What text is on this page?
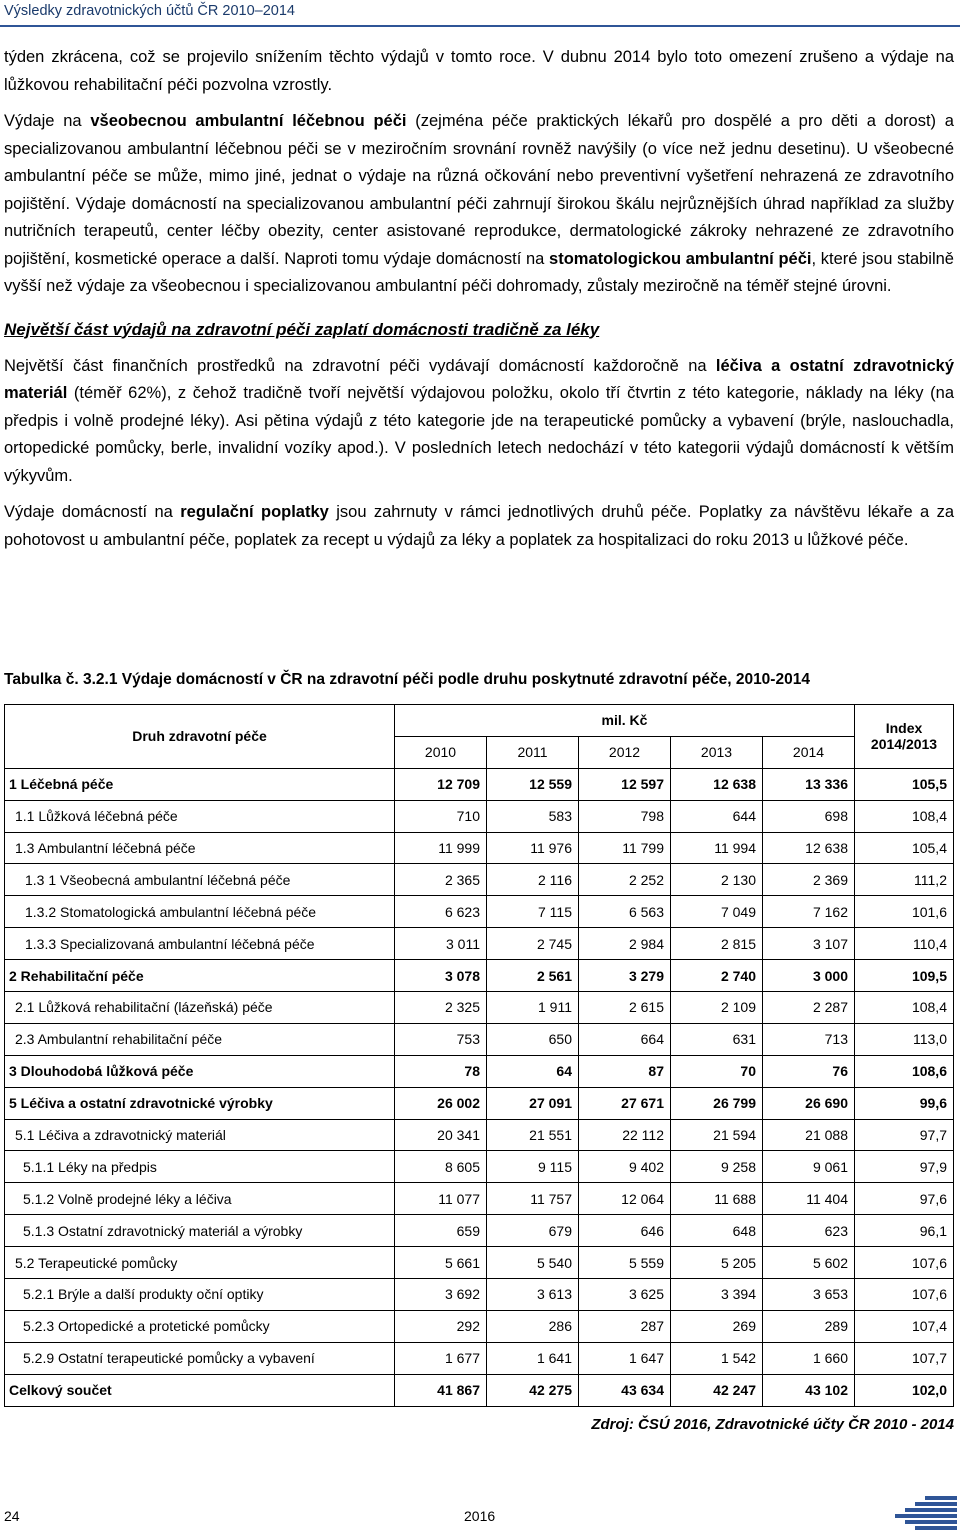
Výsledky zdravotnických účtů ČR 2010–2014

týden zkrácena, což se projevilo snížením těchto výdajů v tomto roce. V dubnu 2014 bylo toto omezení zrušeno a výdaje na lůžkovou rehabilitační péči pozvolna vzrostly.

Výdaje na všeobecnou ambulantní léčebnou péči (zejména péče praktických lékařů pro dospělé a pro děti a dorost) a specializovanou ambulantní léčebnou péči se v meziročním srovnání rovněž navýšily (o více než jednu desetinu). U všeobecné ambulantní péče se může, mimo jiné, jednat o výdaje na různá očkování nebo preventivní vyšetření nehrazená ze zdravotního pojištění. Výdaje domácností na specializovanou ambulantní péči zahrnují širokou škálu nejrůznějších úhrad například za služby nutričních terapeutů, center léčby obezity, center asistované reprodukce, dermatologické zákroky nehrazené ze zdravotního pojištění, kosmetické operace a další. Naproti tomu výdaje domácností na stomatologickou ambulantní péči, které jsou stabilně vyšší než výdaje za všeobecnou i specializovanou ambulantní péči dohromady, zůstaly meziročně na téměř stejné úrovni.

Největší část výdajů na zdravotní péči zaplatí domácnosti tradičně za léky

Největší část finančních prostředků na zdravotní péči vydávají domácností každoročně na léčiva a ostatní zdravotnický materiál (téměř 62%), z čehož tradičně tvoří největší výdajovou položku, okolo tří čtvrtin z této kategorie, náklady na léky (na předpis i volně prodejné léky). Asi pětina výdajů z této kategorie jde na terapeutické pomůcky a vybavení (brýle, naslouchadla, ortopedické pomůcky, berle, invalidní vozíky apod.). V posledních letech nedochází v této kategorii výdajů domácností k větším výkyvům.

Výdaje domácností na regulační poplatky jsou zahrnuty v rámci jednotlivých druhů péče. Poplatky za návštěvu lékaře a za pohotovost u ambulantní péče, poplatek za recept u výdajů za léky a poplatek za hospitalizaci do roku 2013 u lůžkové péče.

Tabulka č. 3.2.1 Výdaje domácností v ČR na zdravotní péči podle druhu poskytnuté zdravotní péče, 2010-2014
Druh zdravotní péče	mil. Kč					Index 2014/2013
	2010	2011	2012	2013	2014	
1 Léčebná péče	12 709	12 559	12 597	12 638	13 336	105,5
1.1 Lůžková léčebná péče	710	583	798	644	698	108,4
1.3 Ambulantní léčebná péče	11 999	11 976	11 799	11 994	12 638	105,4
1.3 1 Všeobecná ambulantní léčebná péče	2 365	2 116	2 252	2 130	2 369	111,2
1.3.2 Stomatologická ambulantní léčebná péče	6 623	7 115	6 563	7 049	7 162	101,6
1.3.3 Specializovaná ambulantní léčebná péče	3 011	2 745	2 984	2 815	3 107	110,4
2 Rehabilitační péče	3 078	2 561	3 279	2 740	3 000	109,5
2.1 Lůžková rehabilitační (lázeňská) péče	2 325	1 911	2 615	2 109	2 287	108,4
2.3 Ambulantní rehabilitační péče	753	650	664	631	713	113,0
3 Dlouhodobá lůžková péče	78	64	87	70	76	108,6
5 Léčiva a ostatní zdravotnické výrobky	26 002	27 091	27 671	26 799	26 690	99,6
5.1 Léčiva a zdravotnický materiál	20 341	21 551	22 112	21 594	21 088	97,7
5.1.1 Léky na předpis	8 605	9 115	9 402	9 258	9 061	97,9
5.1.2 Volně prodejné léky a léčiva	11 077	11 757	12 064	11 688	11 404	97,6
5.1.3 Ostatní zdravotnický materiál a výrobky	659	679	646	648	623	96,1
5.2 Terapeutické pomůcky	5 661	5 540	5 559	5 205	5 602	107,6
5.2.1 Brýle a další produkty oční optiky	3 692	3 613	3 625	3 394	3 653	107,6
5.2.3 Ortopedické a protetické pomůcky	292	286	287	269	289	107,4
5.2.9 Ostatní terapeutické pomůcky a vybavení	1 677	1 641	1 647	1 542	1 660	107,7
Celkový součet	41 867	42 275	43 634	42 247	43 102	102,0
Zdroj: ČSÚ 2016, Zdravotnické účty ČR 2010 - 2014
24	2016
